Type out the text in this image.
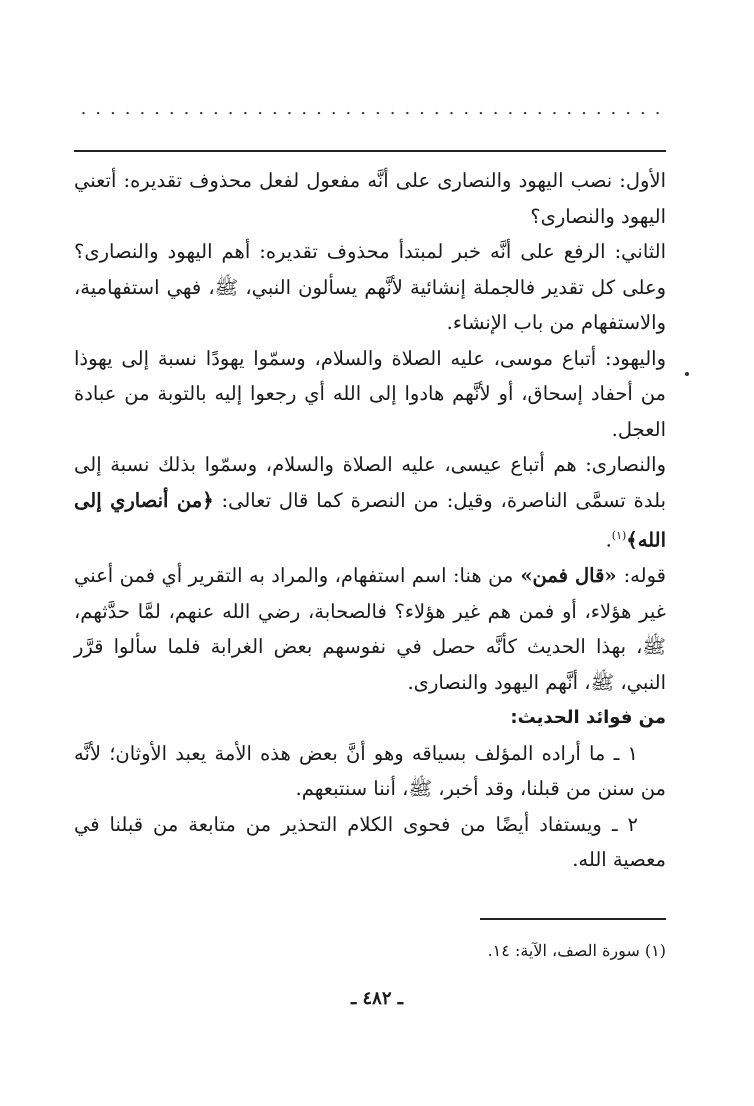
........................................

الأول: نصب اليهود والنصارى على أنَّه مفعول لفعل محذوف تقديره: أتعني اليهود والنصارى؟

الثاني: الرفع على أنَّه خبر لمبتدأ محذوف تقديره: أهم اليهود والنصارى؟ وعلى كل تقدير فالجملة إنشائية لأنَّهم يسألون النبي، ﷺ، فهي استفهامية، والاستفهام من باب الإنشاء.

واليهود: أتباع موسى، عليه الصلاة والسلام، وسمّوا يهودًا نسبة إلى يهوذا من أحفاد إسحاق، أو لأنَّهم هادوا إلى الله أي رجعوا إليه بالتوبة من عبادة العجل.

والنصارى: هم أتباع عيسى، عليه الصلاة والسلام، وسمّوا بذلك نسبة إلى بلدة تسمَّى الناصرة، وقيل: من النصرة كما قال تعالى: ﴿من أنصاري إلى الله﴾$^{(١)}$.

قوله: «قال فمن» من هنا: اسم استفهام، والمراد به التقرير أي فمن أعني غير هؤلاء، أو فمن هم غير هؤلاء؟ فالصحابة، رضي الله عنهم، لمَّا حدَّثهم، ﷺ، بهذا الحديث كأنَّه حصل في نفوسهم بعض الغرابة فلما سألوا قرَّر النبي، ﷺ، أنَّهم اليهود والنصارى.

من فوائد الحديث:

١ ـ ما أراده المؤلف بسياقه وهو أنَّ بعض هذه الأمة يعبد الأوثان؛ لأنَّه من سنن من قبلنا، وقد أخبر، ﷺ، أننا سنتبعهم.

٢ ـ ويستفاد أيضًا من فحوى الكلام التحذير من متابعة من قبلنا في معصية الله.

(١) سورة الصف، الآية: ١٤.
ـ ٤٨٢ ـ
